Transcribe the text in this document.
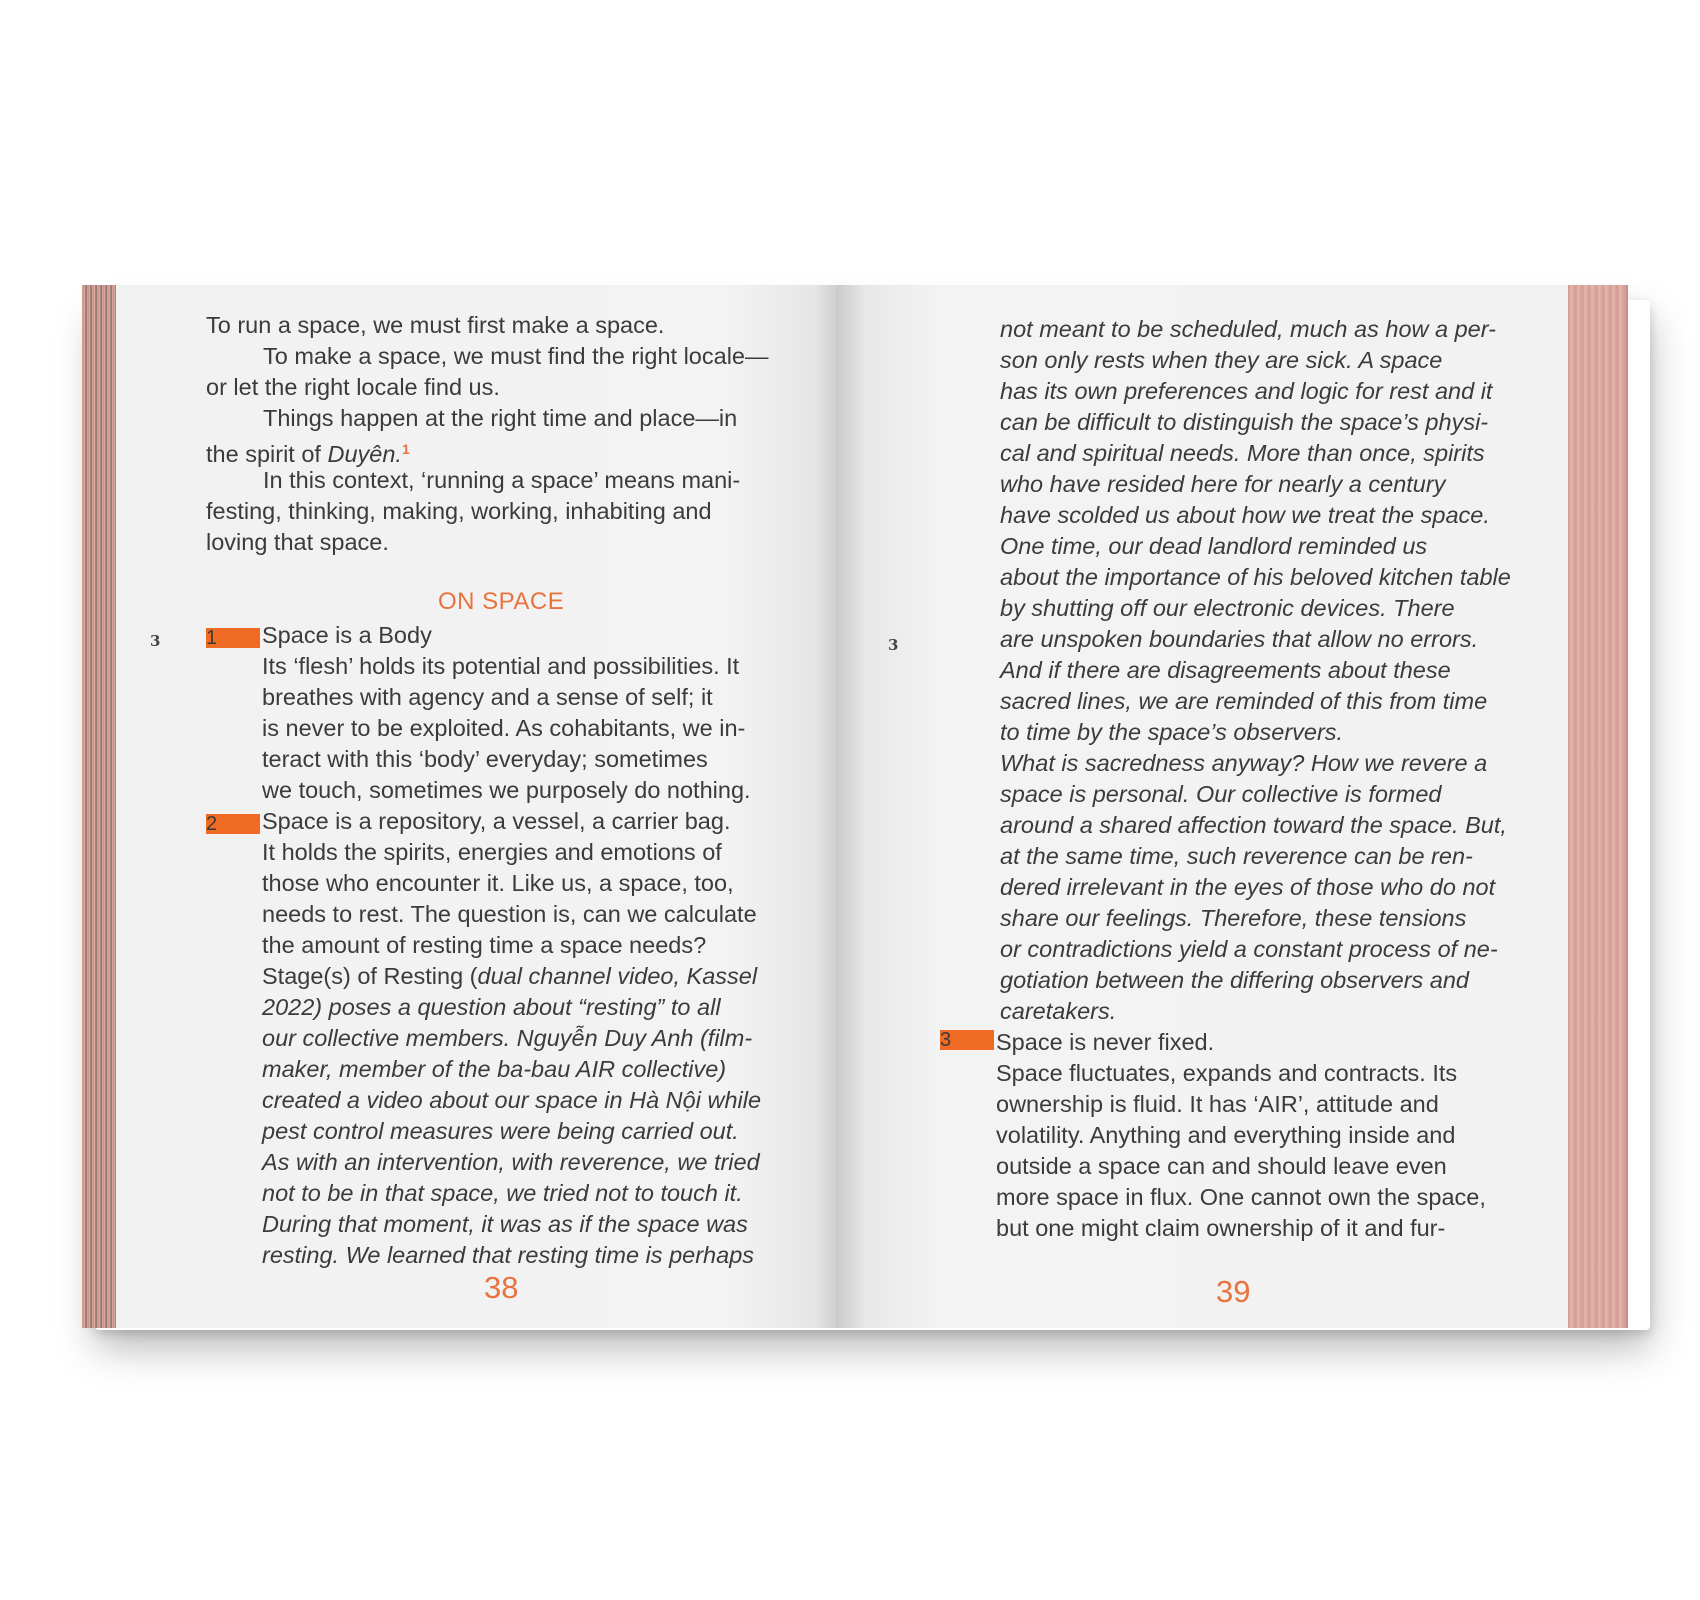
To run a space, we must first make a space.
To make a space, we must find the right locale—
or let the right locale find us.
Things happen at the right time and place—in
the spirit of Duyên.$^1$
In this context, ‘running a space’ means mani-
festing, thinking, making, working, inhabiting and
loving that space.
ON SPACE
3 1	Space is a Body
Its ‘flesh’ holds its potential and possibilities. It
breathes with agency and a sense of self; it
is never to be exploited. As cohabitants, we in-
teract with this ‘body’ everyday; sometimes
we touch, sometimes we purposely do nothing.
2	Space is a repository, a vessel, a carrier bag.
It holds the spirits, energies and emotions of
those who encounter it. Like us, a space, too,
needs to rest. The question is, can we calculate
the amount of resting time a space needs?
Stage(s) of Resting (dual channel video, Kassel
2022) poses a question about “resting” to all
our collective members. Nguyễn Duy Anh (film-
maker, member of the ba-bau AIR collective)
created a video about our space in Hà Nội while
pest control measures were being carried out.
As with an intervention, with reverence, we tried
not to be in that space, we tried not to touch it.
During that moment, it was as if the space was
resting. We learned that resting time is perhaps
38
3
not meant to be scheduled, much as how a per-
son only rests when they are sick. A space
has its own preferences and logic for rest and it
can be difficult to distinguish the space’s physi-
cal and spiritual needs. More than once, spirits
who have resided here for nearly a century
have scolded us about how we treat the space.
One time, our dead landlord reminded us
about the importance of his beloved kitchen table
by shutting off our electronic devices. There
are unspoken boundaries that allow no errors.
And if there are disagreements about these
sacred lines, we are reminded of this from time
to time by the space’s observers.
What is sacredness anyway? How we revere a
space is personal. Our collective is formed
around a shared affection toward the space. But,
at the same time, such reverence can be ren-
dered irrelevant in the eyes of those who do not
share our feelings. Therefore, these tensions
or contradictions yield a constant process of ne-
gotiation between the differing observers and
caretakers.
3	Space is never fixed.
Space fluctuates, expands and contracts. Its
ownership is fluid. It has ‘AIR’, attitude and
volatility. Anything and everything inside and
outside a space can and should leave even
more space in flux. One cannot own the space,
but one might claim ownership of it and fur-
39
